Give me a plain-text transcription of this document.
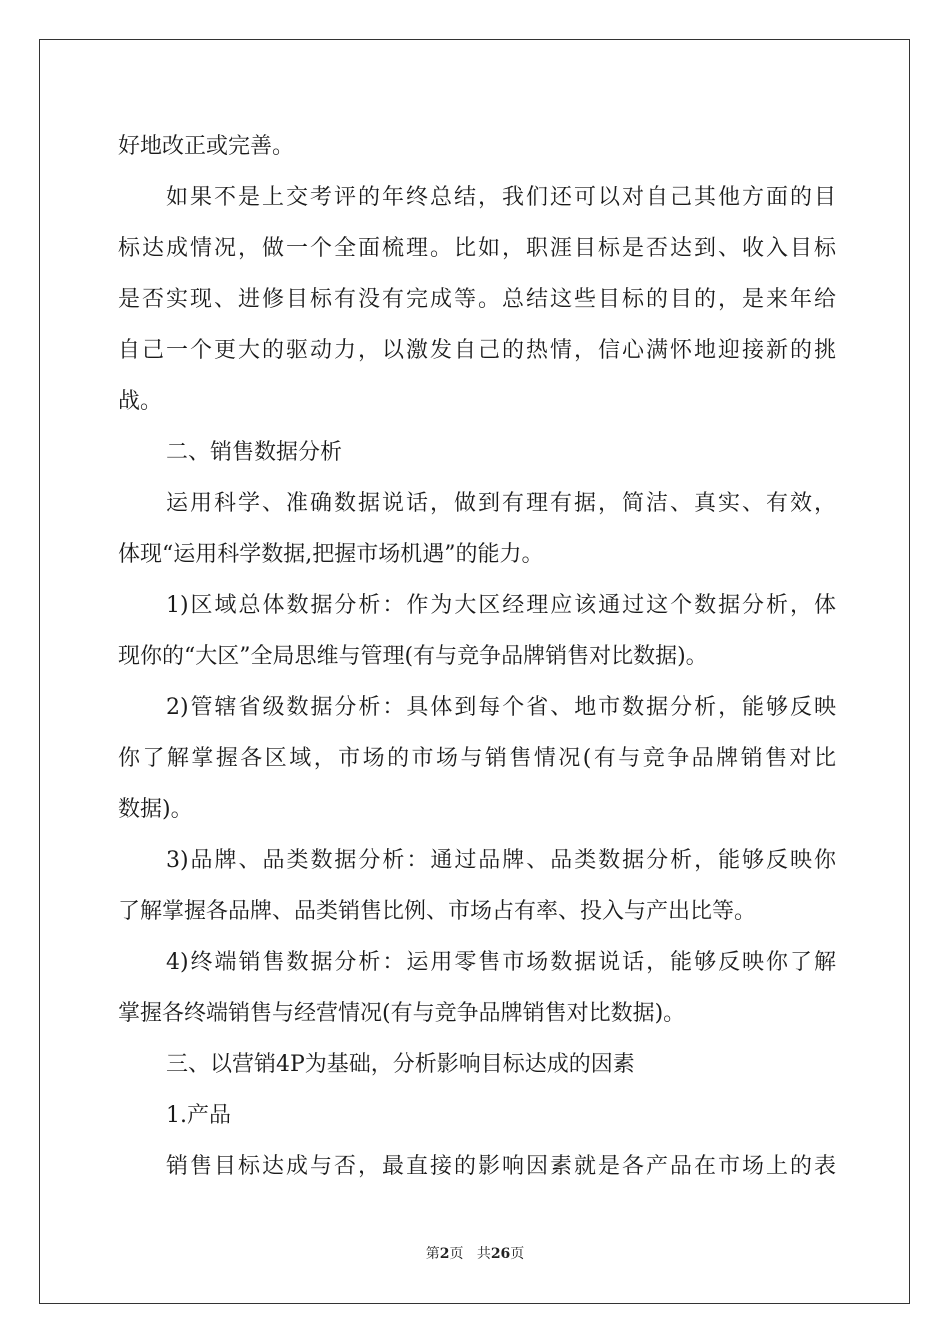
好地改正或完善。
如果不是上交考评的年终总结，我们还可以对自己其他方面的目
标达成情况，做一个全面梳理。比如，职涯目标是否达到、收入目标
是否实现、进修目标有没有完成等。总结这些目标的目的，是来年给
自己一个更大的驱动力，以激发自己的热情，信心满怀地迎接新的挑
战。
二、销售数据分析
运用科学、准确数据说话，做到有理有据，简洁、真实、有效，
体现“运用科学数据,把握市场机遇”的能力。
1)区域总体数据分析：作为大区经理应该通过这个数据分析，体
现你的“大区”全局思维与管理(有与竞争品牌销售对比数据)。
2)管辖省级数据分析：具体到每个省、地市数据分析，能够反映
你了解掌握各区域，市场的市场与销售情况(有与竞争品牌销售对比
数据)。
3)品牌、品类数据分析：通过品牌、品类数据分析，能够反映你
了解掌握各品牌、品类销售比例、市场占有率、投入与产出比等。
4)终端销售数据分析：运用零售市场数据说话，能够反映你了解
掌握各终端销售与经营情况(有与竞争品牌销售对比数据)。
三、以营销4P为基础，分析影响目标达成的因素
1.产品
销售目标达成与否，最直接的影响因素就是各产品在市场上的表
第2页 共26页
